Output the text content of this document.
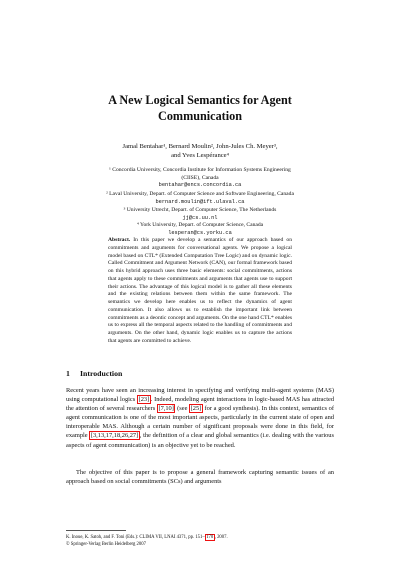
A New Logical Semantics for Agent
Communication
Jamal Bentahar¹, Bernard Moulin², John-Jules Ch. Meyer³,
and Yves Lespérance⁴
¹ Concordia University, Concordia Institute for Information Systems Engineering
(CIISE), Canada
bentahar@encs.concordia.ca
² Laval University, Depart. of Computer Science and Software Engineering, Canada
bernard.moulin@ift.ulaval.ca
³ University Utrecht, Depart. of Computer Science, The Netherlands
jj@cs.uu.nl
⁴ York University, Depart. of Computer Science, Canada
lesperan@cs.yorku.ca
Abstract. In this paper we develop a semantics of our approach based on commitments and arguments for conversational agents. We propose a logical model based on CTL* (Extended Computation Tree Logic) and on dynamic logic. Called Commitment and Argument Network (CAN), our formal framework based on this hybrid approach uses three basic elements: social commitments, actions that agents apply to these commitments and arguments that agents use to support their actions. The advantage of this logical model is to gather all these elements and the existing relations between them within the same framework. The semantics we develop here enables us to reflect the dynamics of agent communication. It also allows us to establish the important link between commitments as a deontic concept and arguments. On the one hand CTL* enables us to express all the temporal aspects related to the handling of commitments and arguments. On the other hand, dynamic logic enables us to capture the actions that agents are committed to achieve.
1 Introduction
Recent years have seen an increasing interest in specifying and verifying multi-agent systems (MAS) using computational logics [23] . Indeed, modeling agent interactions in logic-based MAS has attracted the attention of several researchers [7,10] (see [25] for a good synthesis). In this context, semantics of agent communication is one of the most important aspects, particularly in the current state of open and interoperable MAS. Although a certain number of significant proposals were done in this field, for example [3,13,17,18,26,27] , the definition of a clear and global semantics (i.e. dealing with the various aspects of agent communication) is an objective yet to be reached.
The objective of this paper is to propose a general framework capturing semantic issues of an approach based on social commitments (SCs) and arguments
K. Inoue, K. Satoh, and F. Toni (Eds.): CLIMA VII, LNAI 4371, pp. 151– 170 , 2007.
© Springer-Verlag Berlin Heidelberg 2007
